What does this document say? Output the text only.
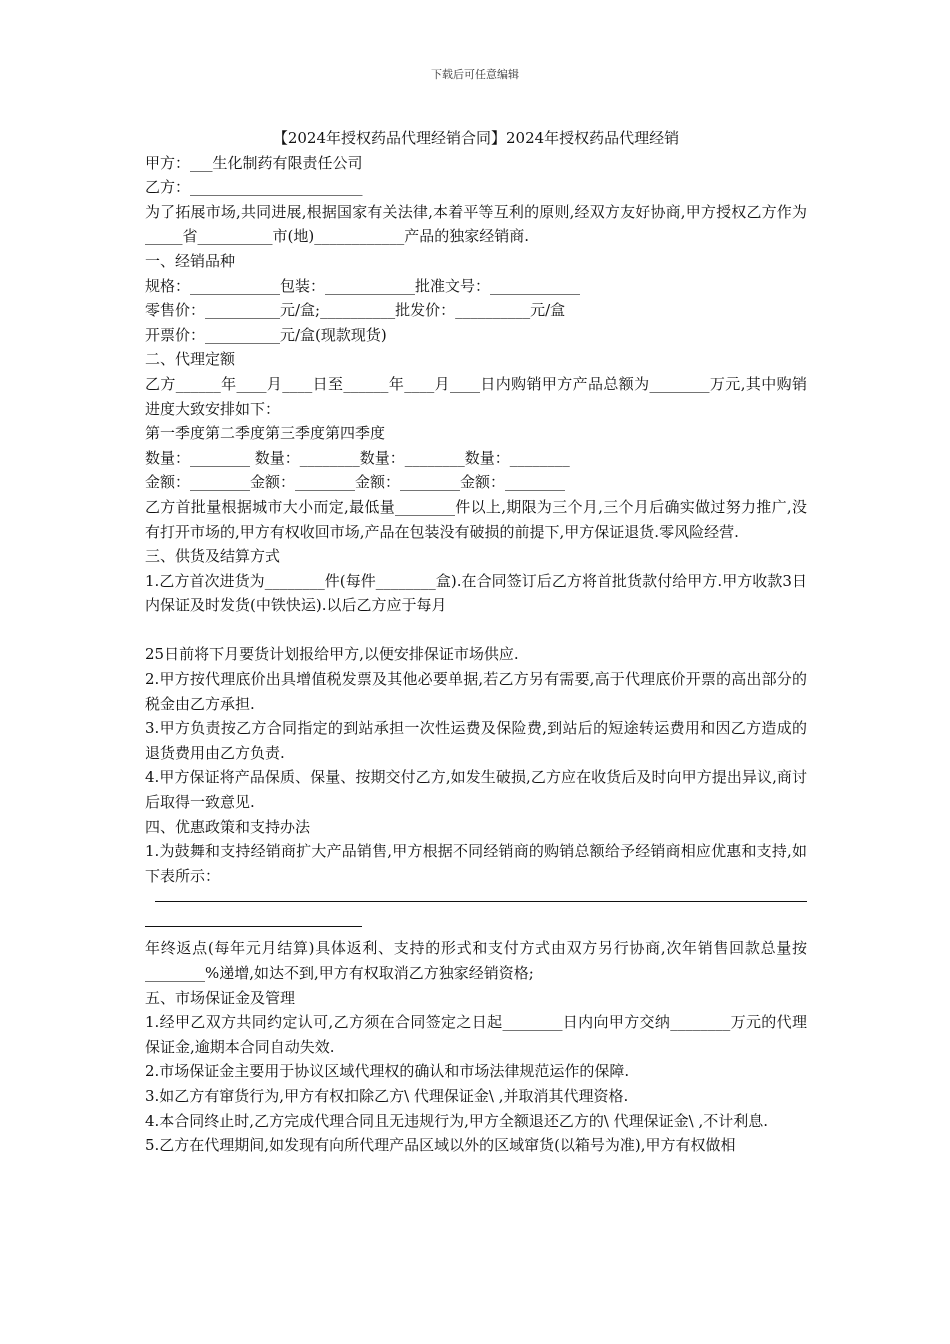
下载后可任意编辑

【2024年授权药品代理经销合同】2024年授权药品代理经销

甲方：___生化制药有限责任公司

乙方：_______________________

为了拓展市场,共同进展,根据国家有关法律,本着平等互利的原则,经双方友好协商,甲方授权乙方作为_____省__________市(地)____________产品的独家经销商.

一、经销品种

规格：____________包装：____________批准文号：____________

零售价：__________元/盒;__________批发价：__________元/盒

开票价：__________元/盒(现款现货)

二、代理定额

乙方______年____月____日至______年____月____日内购销甲方产品总额为________万元,其中购销进度大致安排如下：

第一季度第二季度第三季度第四季度

数量：________ 数量：________数量：________数量：________

金额：________金额：________金额：________金额：________

乙方首批量根据城市大小而定,最低量________件以上,期限为三个月,三个月后确实做过努力推广,没有打开市场的,甲方有权收回市场,产品在包装没有破损的前提下,甲方保证退货.零风险经营.

三、供货及结算方式

1.乙方首次进货为________件(每件________盒).在合同签订后乙方将首批货款付给甲方.甲方收款3日内保证及时发货(中铁快运).以后乙方应于每月

25日前将下月要货计划报给甲方,以便安排保证市场供应.

2.甲方按代理底价出具增值税发票及其他必要单据,若乙方另有需要,高于代理底价开票的高出部分的税金由乙方承担.

3.甲方负责按乙方合同指定的到站承担一次性运费及保险费,到站后的短途转运费用和因乙方造成的退货费用由乙方负责.

4.甲方保证将产品保质、保量、按期交付乙方,如发生破损,乙方应在收货后及时向甲方提出异议,商讨后取得一致意见.

四、优惠政策和支持办法

1.为鼓舞和支持经销商扩大产品销售,甲方根据不同经销商的购销总额给予经销商相应优惠和支持,如下表所示：

年终返点(每年元月结算)具体返利、支持的形式和支付方式由双方另行协商,次年销售回款总量按________%递增,如达不到,甲方有权取消乙方独家经销资格;

五、市场保证金及管理

1.经甲乙双方共同约定认可,乙方须在合同签定之日起________日内向甲方交纳________万元的代理保证金,逾期本合同自动失效.

2.市场保证金主要用于协议区域代理权的确认和市场法律规范运作的保障.

3.如乙方有窜货行为,甲方有权扣除乙方\ 代理保证金\ ,并取消其代理资格.

4.本合同终止时,乙方完成代理合同且无违规行为,甲方全额退还乙方的\ 代理保证金\ ,不计利息.

5.乙方在代理期间,如发现有向所代理产品区域以外的区域窜货(以箱号为准),甲方有权做相
